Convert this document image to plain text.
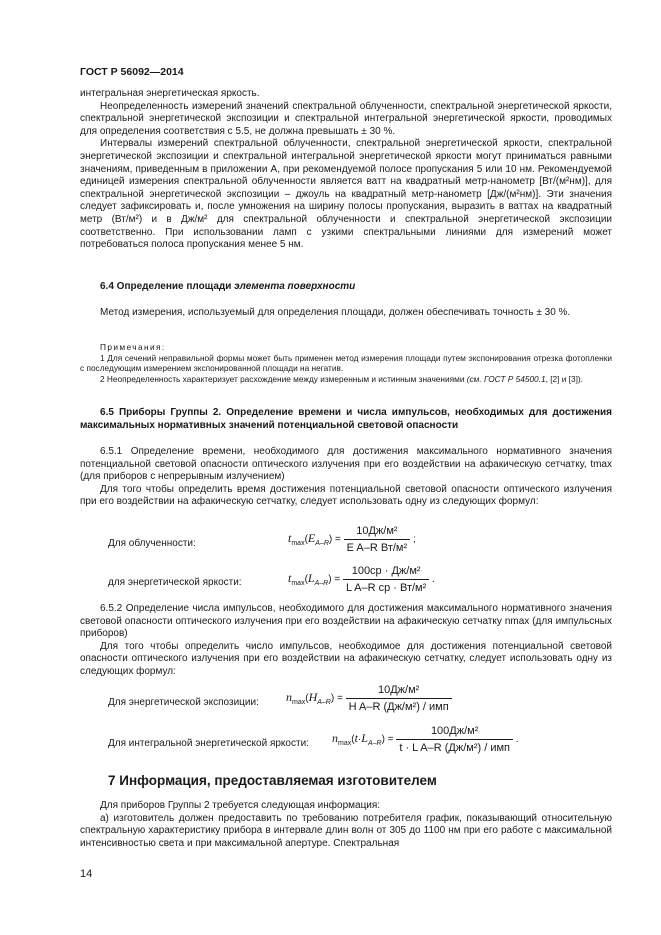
ГОСТ Р 56092—2014

интегральная энергетическая яркость.

Неопределенность измерений значений спектральной облученности, спектральной энергетической яркости, спектральной энергетической экспозиции и спектральной интегральной энергетической яркости, проводимых для определения соответствия с 5.5, не должна превышать ± 30 %.

Интервалы измерений спектральной облученности, спектральной энергетической яркости, спектральной энергетической экспозиции и спектральной интегральной энергетической яркости могут приниматься равными значениям, приведенным в приложении А, при рекомендуемой полосе пропускания 5 или 10 нм. Рекомендуемой единицей измерения спектральной облученности является ватт на квадратный метр-нанометр [Вт/(м²нм)], для спектральной энергетической экспозиции – джоуль на квадратный метр-нанометр [Дж/(м²нм)]. Эти значения следует зафиксировать и, после умножения на ширину полосы пропускания, выразить в ваттах на квадратный метр (Вт/м²) и в Дж/м² для спектральной облученности и спектральной энергетической экспозиции соответственно. При использовании ламп с узкими спектральными линиями для измерений может потребоваться полоса пропускания менее 5 нм.

6.4 Определение площади элемента поверхности

Метод измерения, используемый для определения площади, должен обеспечивать точность ± 30 %.

Примечания:

1 Для сечений неправильной формы может быть применен метод измерения площади путем экспонирования отрезка фотопленки с последующим измерением экспонированной площади на негатив.

2 Неопределенность характеризует расхождение между измеренным и истинным значениями (см. ГОСТ Р 54500.1, [2] и [3]).

6.5 Приборы Группы 2. Определение времени и числа импульсов, необходимых для достижения максимальных нормативных значений потенциальной световой опасности

6.5.1 Определение времени, необходимого для достижения максимального нормативного значения потенциальной световой опасности оптического излучения при его воздействии на афакическую сетчатку, tmax (для приборов с непрерывным излучением)

Для того чтобы определить время достижения потенциальной световой опасности оптического излучения при его воздействии на афакическую сетчатку, следует использовать одну из следующих формул:

Для облученности:	$t_{max}(E_{A-R}) = \frac{\text{10Дж/м²}}{\text{E A–R Вт/м²}}$ ;
для энергетической яркости:	$t_{max}(L_{A-R}) = \frac{\text{100ср · Дж/м²}}{\text{L A–R ср · Вт/м²}}$ .

6.5.2 Определение числа импульсов, необходимого для достижения максимального нормативного значения световой опасности оптического излучения при его воздействии на афакическую сетчатку nmax (для импульсных приборов)

Для того чтобы определить число импульсов, необходимое для достижения потенциальной световой опасности оптического излучения при его воздействии на афакическую сетчатку, следует использовать одну из следующих формул:

Для энергетической экспозиции: $n_{max}(H_{A-R}) = \frac{\text{10Дж/м²}}{\text{H A–R (Дж/м²) / имп}}$
Для интегральной энергетической яркости: $n_{max}(t\cdot L_{A-R}) = \frac{\text{100Дж/м²}}{\text{t · L A–R (Дж/м²) / имп}}$ .
7 Информация, предоставляемая изготовителем

Для приборов Группы 2 требуется следующая информация:

а) изготовитель должен предоставить по требованию потребителя график, показывающий относительную спектральную характеристику прибора в интервале длин волн от 305 до 1100 нм при его работе с максимальной интенсивностью света и при максимальной апертуре. Спектральная

14
